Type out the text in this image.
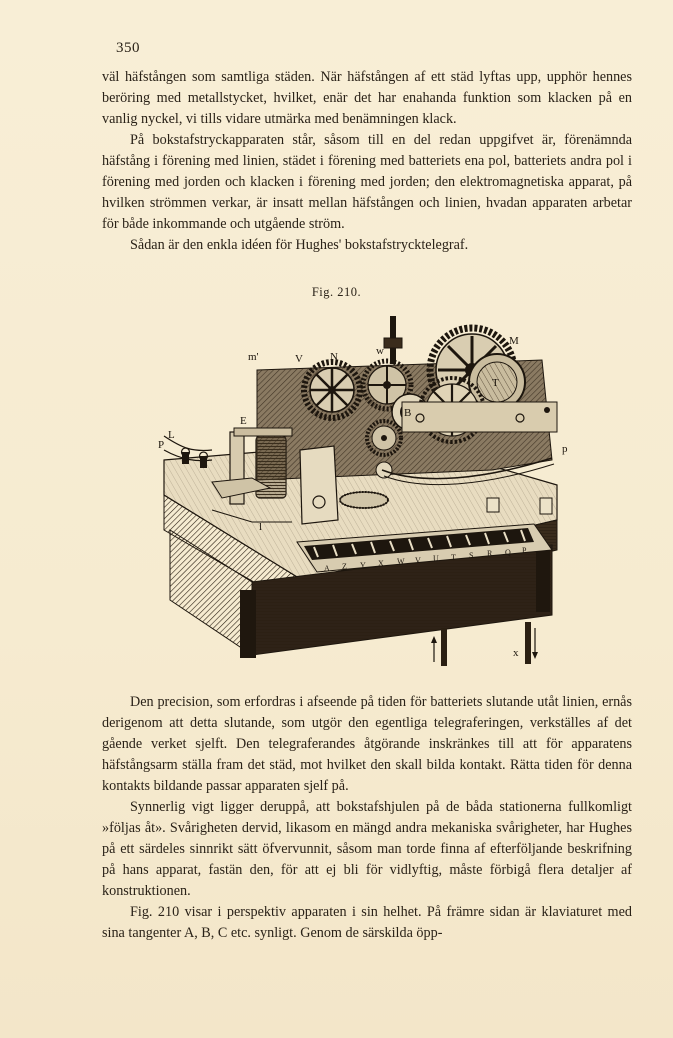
350

väl häfstången som samtliga städen. När häfstången af ett städ lyftas upp, upphör hennes beröring med metallstycket, hvilket, enär det har enahanda funktion som klacken på en vanlig nyckel, vi tills vidare utmärka med benämningen klack.

På bokstafstryckapparaten står, såsom till en del redan uppgifvet är, förenämnda häfstång i förening med linien, städet i förening med batteriets ena pol, batteriets andra pol i förening med jorden och klacken i förening med jorden; den elektromagnetiska apparat, på hvilken strömmen verkar, är insatt mellan häfstången och linien, hvadan apparaten arbetar för både inkommande och utgående ström.

Sådan är den enkla idéen för Hughes' bokstafstrycktelegraf.

Fig. 210.
A Z Y X W V U T S R Q P
m'	V N	w
M
T
E
L
P	p
B
l
x

Den precision, som erfordras i afseende på tiden för batteriets slutande utåt linien, ernås derigenom att detta slutande, som utgör den egentliga telegraferingen, verkställes af det gående verket sjelft. Den telegraferandes åtgörande inskränkes till att för apparatens häfstångsarm ställa fram det städ, mot hvilket den skall bilda kontakt. Rätta tiden för denna kontakts bildande passar apparaten sjelf på.

Synnerlig vigt ligger deruppå, att bokstafshjulen på de båda stationerna fullkomligt »följas åt». Svårigheten dervid, likasom en mängd andra mekaniska svårigheter, har Hughes på ett särdeles sinnrikt sätt öfvervunnit, såsom man torde finna af efterföljande beskrifning på hans apparat, fastän den, för att ej bli för vidlyftig, måste förbigå flera detaljer af konstruktionen.

Fig. 210 visar i perspektiv apparaten i sin helhet. På främre sidan är klaviaturet med sina tangenter A, B, C etc. synligt. Genom de särskilda öpp-
